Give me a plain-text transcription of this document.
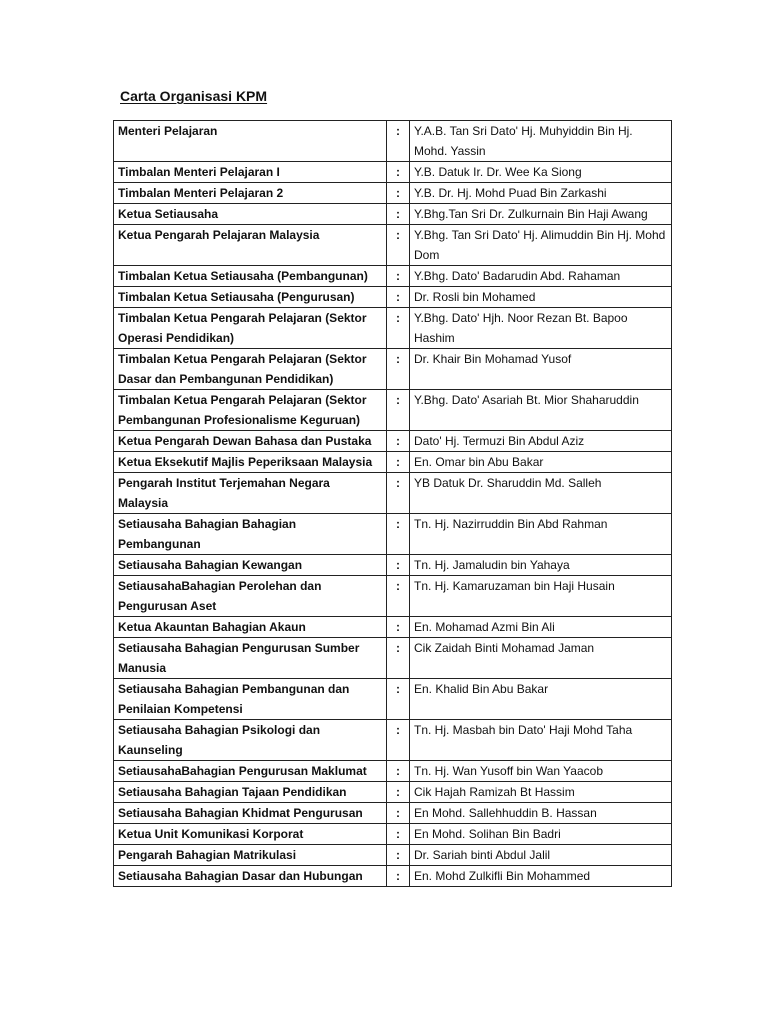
Carta Organisasi KPM
Menteri Pelajaran	:	Y.A.B. Tan Sri Dato' Hj. Muhyiddin Bin Hj. Mohd. Yassin
Timbalan Menteri Pelajaran I	:	Y.B. Datuk Ir. Dr. Wee Ka Siong
Timbalan Menteri Pelajaran 2	:	Y.B. Dr. Hj. Mohd Puad Bin Zarkashi
Ketua Setiausaha	:	Y.Bhg.Tan Sri Dr. Zulkurnain Bin Haji Awang
Ketua Pengarah Pelajaran Malaysia	:	Y.Bhg. Tan Sri Dato' Hj. Alimuddin Bin Hj. Mohd Dom
Timbalan Ketua Setiausaha (Pembangunan)	:	Y.Bhg. Dato' Badarudin Abd. Rahaman
Timbalan Ketua Setiausaha (Pengurusan)	:	Dr. Rosli bin Mohamed
Timbalan Ketua Pengarah Pelajaran (Sektor Operasi Pendidikan)	:	Y.Bhg. Dato' Hjh. Noor Rezan Bt. Bapoo Hashim
Timbalan Ketua Pengarah Pelajaran (Sektor Dasar dan Pembangunan Pendidikan)	:	Dr. Khair Bin Mohamad Yusof
Timbalan Ketua Pengarah Pelajaran (Sektor Pembangunan Profesionalisme Keguruan)	:	Y.Bhg. Dato' Asariah Bt. Mior Shaharuddin
Ketua Pengarah Dewan Bahasa dan Pustaka	:	Dato' Hj. Termuzi Bin Abdul Aziz
Ketua Eksekutif Majlis Peperiksaan Malaysia	:	En. Omar bin Abu Bakar
Pengarah Institut Terjemahan Negara Malaysia	:	YB Datuk Dr. Sharuddin Md. Salleh
Setiausaha Bahagian Bahagian Pembangunan	:	Tn. Hj. Nazirruddin Bin Abd Rahman
Setiausaha Bahagian Kewangan	:	Tn. Hj. Jamaludin bin Yahaya
SetiausahaBahagian Perolehan dan Pengurusan Aset	:	Tn. Hj. Kamaruzaman bin Haji Husain
Ketua Akauntan Bahagian Akaun	:	En. Mohamad Azmi Bin Ali
Setiausaha Bahagian Pengurusan Sumber Manusia	:	Cik Zaidah Binti Mohamad Jaman
Setiausaha Bahagian Pembangunan dan Penilaian Kompetensi	:	En. Khalid Bin Abu Bakar
Setiausaha Bahagian Psikologi dan Kaunseling	:	Tn. Hj. Masbah bin Dato' Haji Mohd Taha
SetiausahaBahagian Pengurusan Maklumat	:	Tn. Hj. Wan Yusoff bin Wan Yaacob
Setiausaha Bahagian Tajaan Pendidikan	:	Cik Hajah Ramizah Bt Hassim
Setiausaha Bahagian Khidmat Pengurusan	:	En Mohd. Sallehhuddin B. Hassan
Ketua Unit Komunikasi Korporat	:	En Mohd. Solihan Bin Badri
Pengarah Bahagian Matrikulasi	:	Dr. Sariah binti Abdul Jalil
Setiausaha Bahagian Dasar dan Hubungan	:	En. Mohd Zulkifli Bin Mohammed
